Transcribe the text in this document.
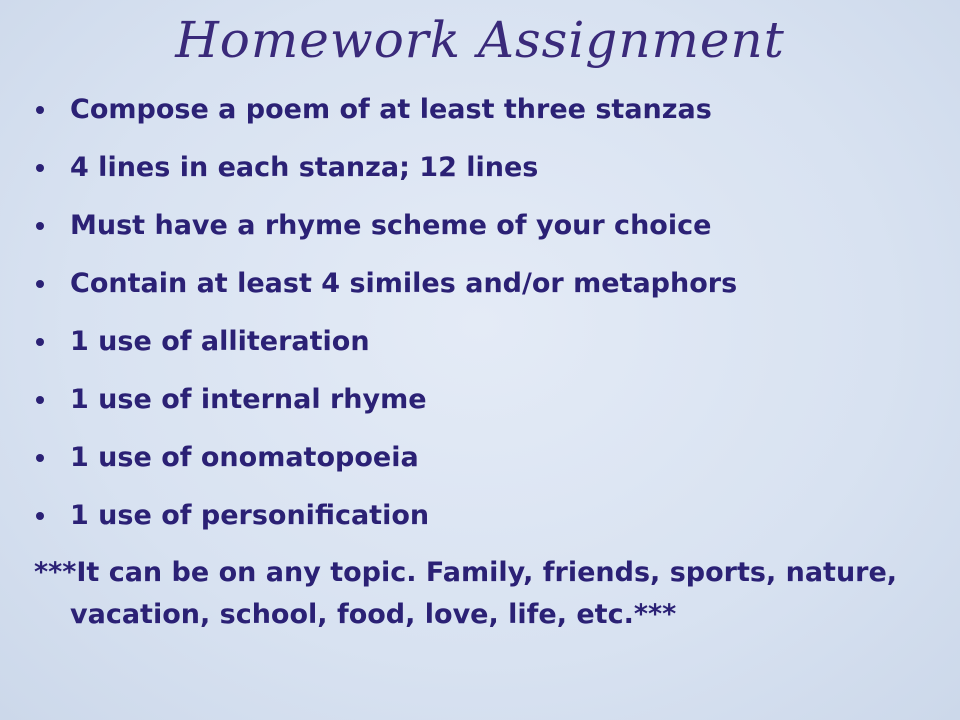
Homework Assignment
Compose a poem of at least three stanzas
4 lines in each stanza; 12 lines
Must have a rhyme scheme of your choice
Contain at least 4 similes and/or metaphors
1 use of alliteration
1 use of internal rhyme
1 use of onomatopoeia
1 use of personification
***It can be on any topic. Family, friends, sports, nature, vacation, school, food, love, life, etc.***
